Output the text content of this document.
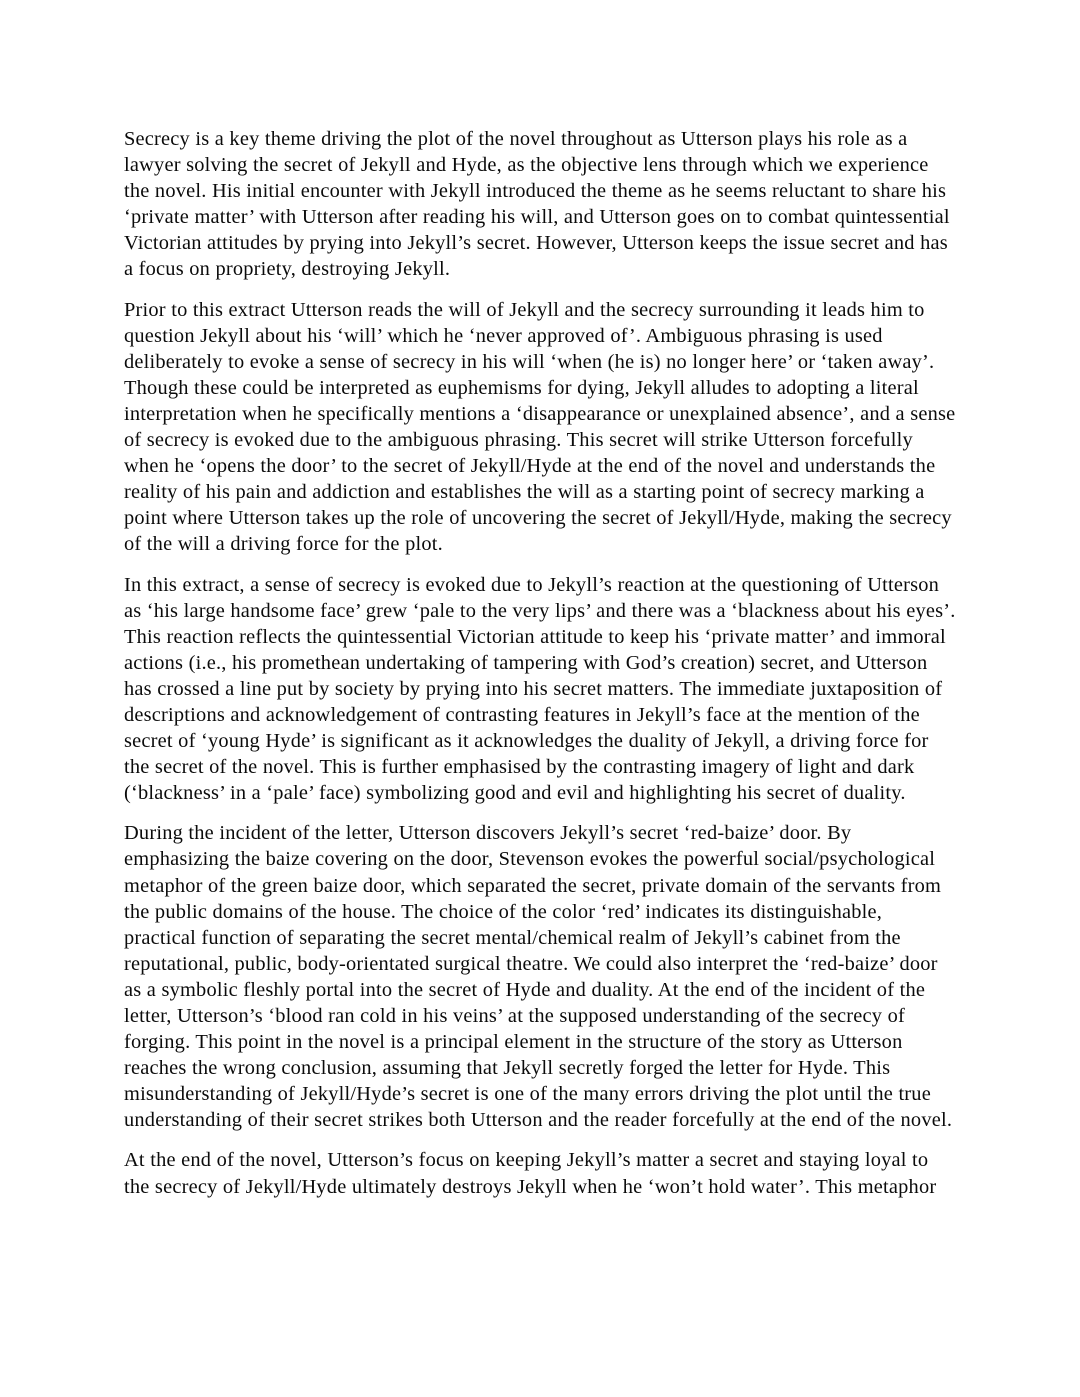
Secrecy is a key theme driving the plot of the novel throughout as Utterson plays his role as a lawyer solving the secret of Jekyll and Hyde, as the objective lens through which we experience the novel. His initial encounter with Jekyll introduced the theme as he seems reluctant to share his ‘private matter’ with Utterson after reading his will, and Utterson goes on to combat quintessential Victorian attitudes by prying into Jekyll’s secret. However, Utterson keeps the issue secret and has a focus on propriety, destroying Jekyll.

Prior to this extract Utterson reads the will of Jekyll and the secrecy surrounding it leads him to question Jekyll about his ‘will’ which he ‘never approved of’. Ambiguous phrasing is used deliberately to evoke a sense of secrecy in his will ‘when (he is) no longer here’ or ‘taken away’. Though these could be interpreted as euphemisms for dying, Jekyll alludes to adopting a literal interpretation when he specifically mentions a ‘disappearance or unexplained absence’, and a sense of secrecy is evoked due to the ambiguous phrasing. This secret will strike Utterson forcefully when he ‘opens the door’ to the secret of Jekyll/Hyde at the end of the novel and understands the reality of his pain and addiction and establishes the will as a starting point of secrecy marking a point where Utterson takes up the role of uncovering the secret of Jekyll/Hyde, making the secrecy of the will a driving force for the plot.

In this extract, a sense of secrecy is evoked due to Jekyll’s reaction at the questioning of Utterson as ‘his large handsome face’ grew ‘pale to the very lips’ and there was a ‘blackness about his eyes’. This reaction reflects the quintessential Victorian attitude to keep his ‘private matter’ and immoral actions (i.e., his promethean undertaking of tampering with God’s creation) secret, and Utterson has crossed a line put by society by prying into his secret matters. The immediate juxtaposition of descriptions and acknowledgement of contrasting features in Jekyll’s face at the mention of the secret of ‘young Hyde’ is significant as it acknowledges the duality of Jekyll, a driving force for the secret of the novel. This is further emphasised by the contrasting imagery of light and dark (‘blackness’ in a ‘pale’ face) symbolizing good and evil and highlighting his secret of duality.

During the incident of the letter, Utterson discovers Jekyll’s secret ‘red-baize’ door. By emphasizing the baize covering on the door, Stevenson evokes the powerful social/psychological metaphor of the green baize door, which separated the secret, private domain of the servants from the public domains of the house. The choice of the color ‘red’ indicates its distinguishable, practical function of separating the secret mental/chemical realm of Jekyll’s cabinet from the reputational, public, body-orientated surgical theatre. We could also interpret the ‘red-baize’ door as a symbolic fleshly portal into the secret of Hyde and duality. At the end of the incident of the letter, Utterson’s ‘blood ran cold in his veins’ at the supposed understanding of the secrecy of forging. This point in the novel is a principal element in the structure of the story as Utterson reaches the wrong conclusion, assuming that Jekyll secretly forged the letter for Hyde. This misunderstanding of Jekyll/Hyde’s secret is one of the many errors driving the plot until the true understanding of their secret strikes both Utterson and the reader forcefully at the end of the novel.

At the end of the novel, Utterson’s focus on keeping Jekyll’s matter a secret and staying loyal to the secrecy of Jekyll/Hyde ultimately destroys Jekyll when he ‘won’t hold water’. This metaphor
